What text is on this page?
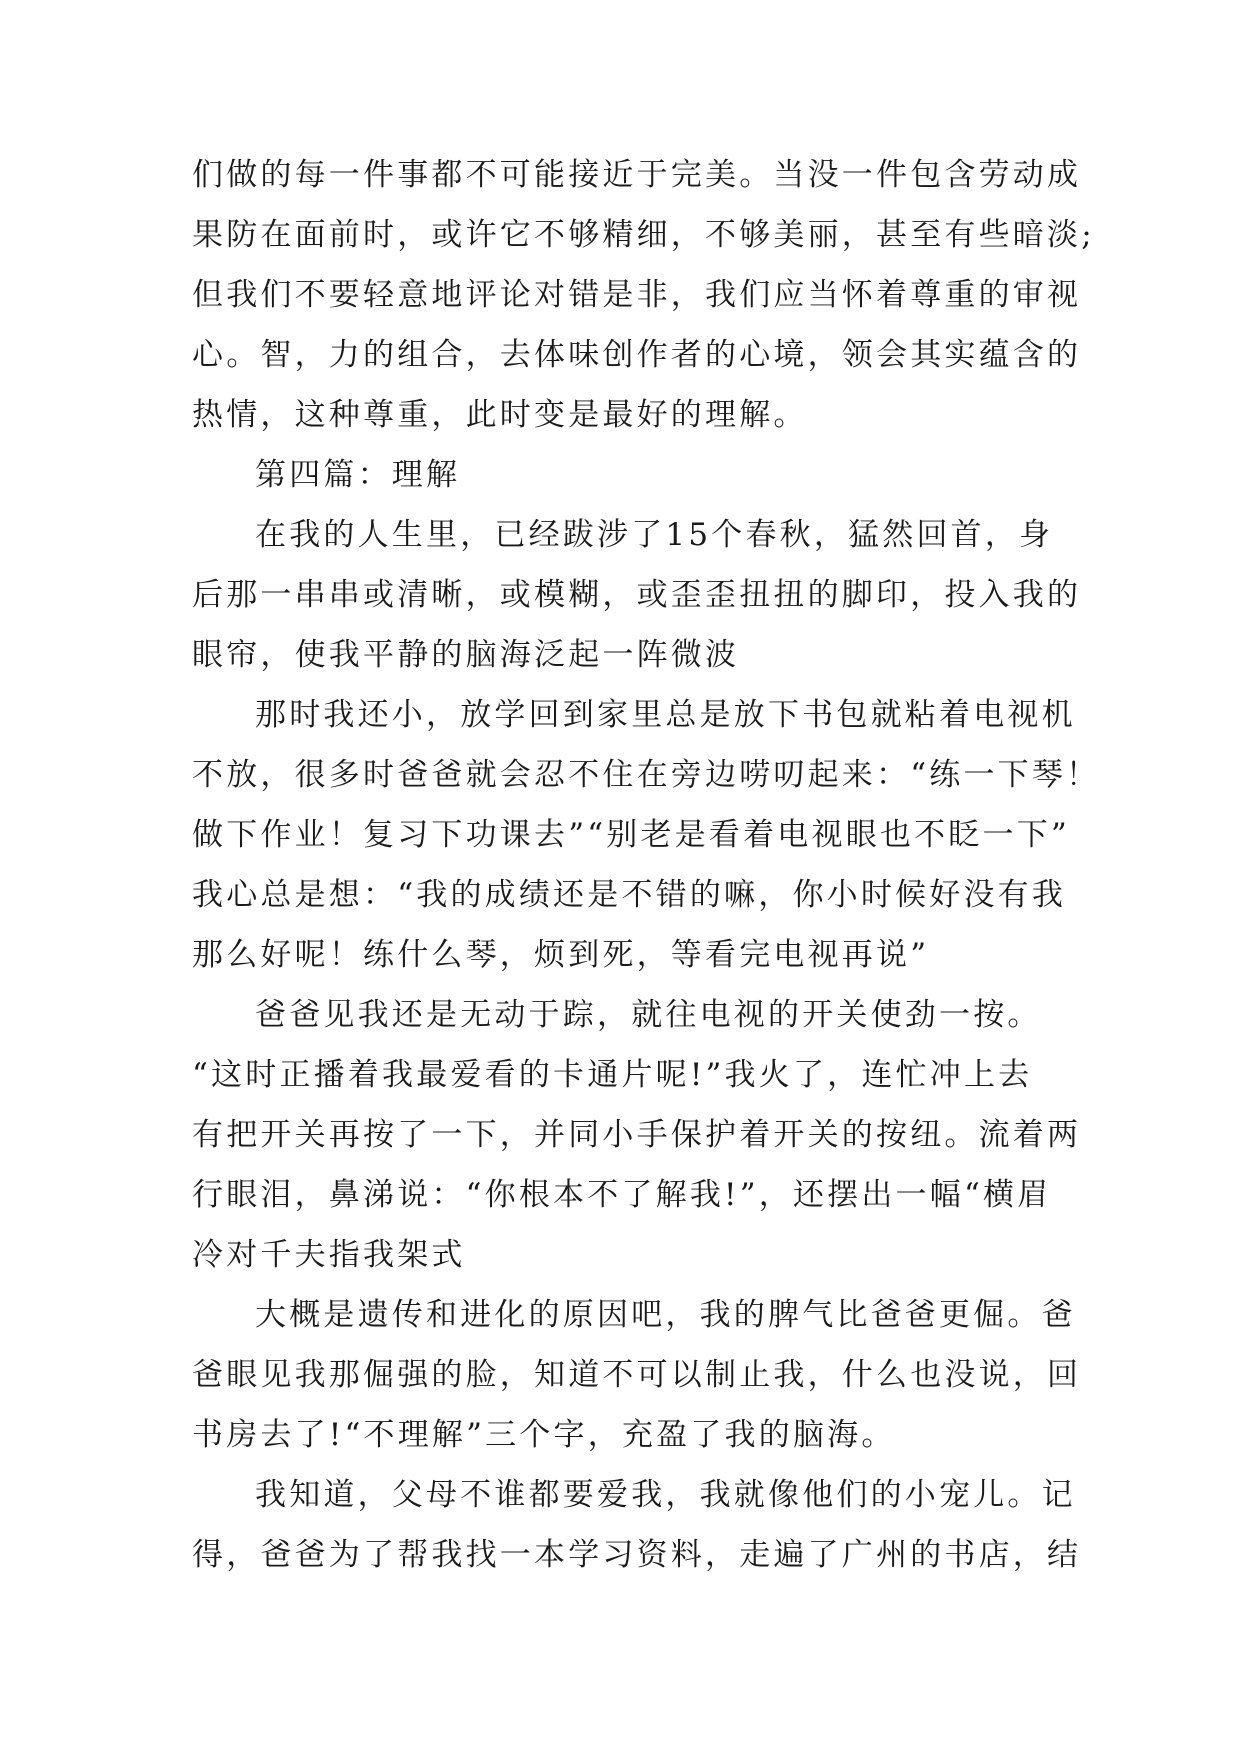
们做的每一件事都不可能接近于完美。当没一件包含劳动成
果防在面前时，或许它不够精细，不够美丽，甚至有些暗淡;
但我们不要轻意地评论对错是非，我们应当怀着尊重的审视
心。智，力的组合，去体味创作者的心境，领会其实蕴含的
热情，这种尊重，此时变是最好的理解。
第四篇：理解
在我的人生里，已经跋涉了15个春秋，猛然回首，身
后那一串串或清晰，或模糊，或歪歪扭扭的脚印，投入我的
眼帘，使我平静的脑海泛起一阵微波
那时我还小，放学回到家里总是放下书包就粘着电视机
不放，很多时爸爸就会忍不住在旁边唠叨起来：“练一下琴！
做下作业！复习下功课去”“别老是看着电视眼也不眨一下”
我心总是想：“我的成绩还是不错的嘛，你小时候好没有我
那么好呢！练什么琴，烦到死，等看完电视再说”
爸爸见我还是无动于踪，就往电视的开关使劲一按。
“这时正播着我最爱看的卡通片呢!”我火了，连忙冲上去
有把开关再按了一下，并同小手保护着开关的按纽。流着两
行眼泪，鼻涕说：“你根本不了解我!”，还摆出一幅“横眉
冷对千夫指我架式
大概是遗传和进化的原因吧，我的脾气比爸爸更倔。爸
爸眼见我那倔强的脸，知道不可以制止我，什么也没说，回
书房去了!“不理解”三个字，充盈了我的脑海。
我知道，父母不谁都要爱我，我就像他们的小宠儿。记
得，爸爸为了帮我找一本学习资料，走遍了广州的书店，结
